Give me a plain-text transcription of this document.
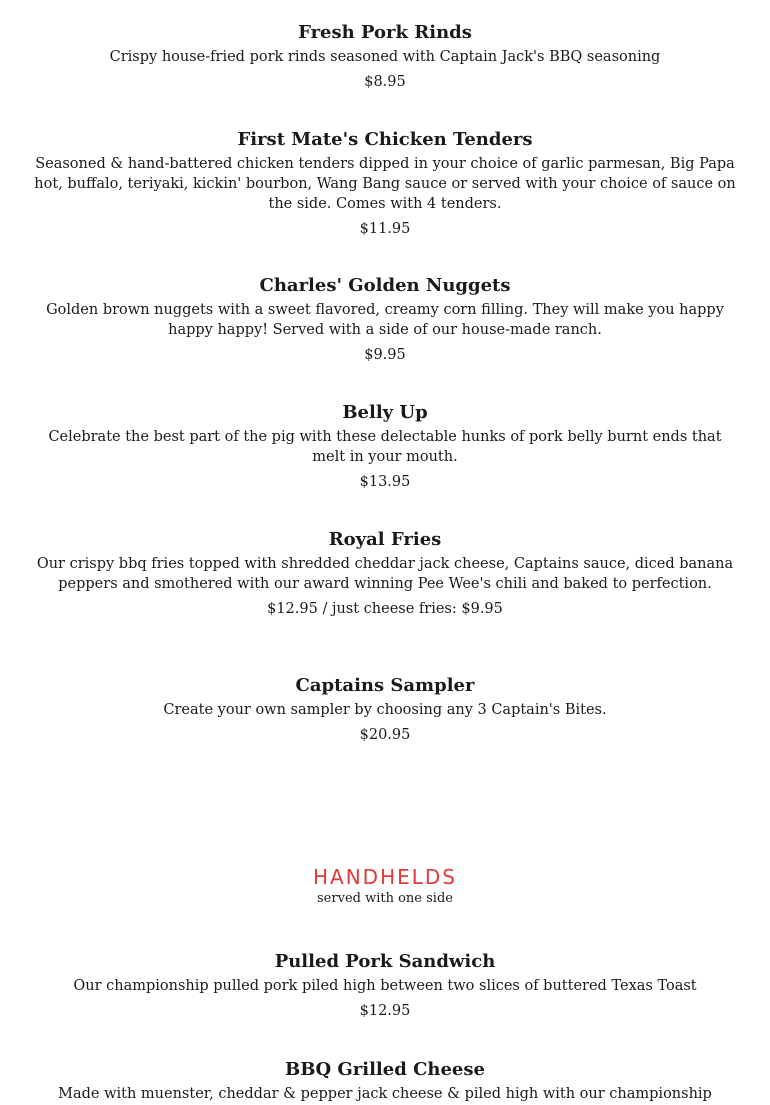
Fresh Pork Rinds

Crispy house-fried pork rinds seasoned with Captain Jack's BBQ seasoning

$8.95

First Mate's Chicken Tenders

Seasoned & hand-battered chicken tenders dipped in your choice of garlic parmesan, Big Papa hot, buffalo, teriyaki, kickin' bourbon, Wang Bang sauce or served with your choice of sauce on the side. Comes with 4 tenders.

$11.95

Charles' Golden Nuggets

Golden brown nuggets with a sweet flavored, creamy corn filling. They will make you happy happy happy! Served with a side of our house-made ranch.

$9.95

Belly Up

Celebrate the best part of the pig with these delectable hunks of pork belly burnt ends that melt in your mouth.

$13.95

Royal Fries

Our crispy bbq fries topped with shredded cheddar jack cheese, Captains sauce, diced banana peppers and smothered with our award winning Pee Wee's chili and baked to perfection.

$12.95 / just cheese fries: $9.95

Captains Sampler

Create your own sampler by choosing any 3 Captain's Bites.

$20.95

HANDHELDS

served with one side

Pulled Pork Sandwich

Our championship pulled pork piled high between two slices of buttered Texas Toast

$12.95

BBQ Grilled Cheese

Made with muenster, cheddar & pepper jack cheese & piled high with our championship
